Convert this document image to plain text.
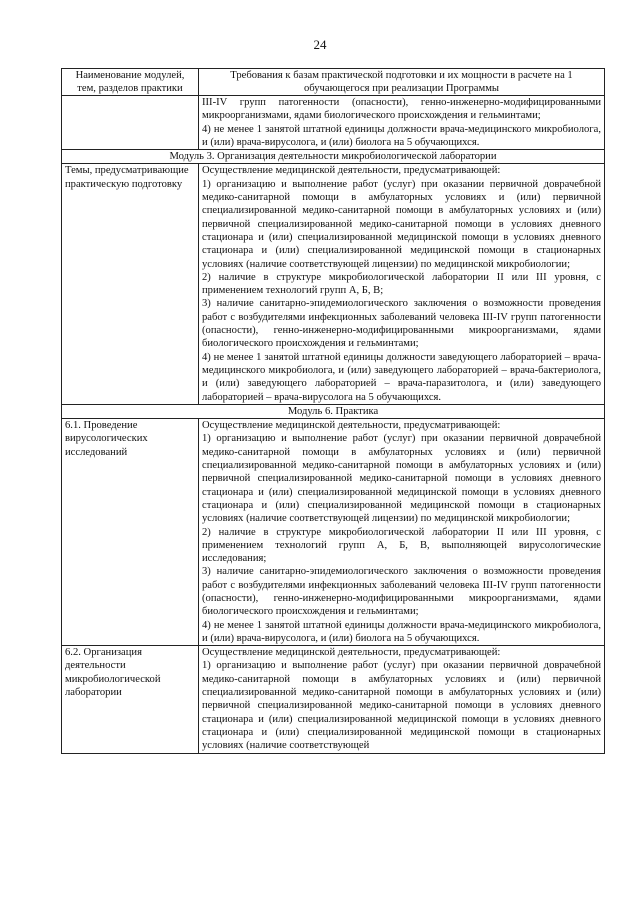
24
Наименование модулей, тем, разделов практики	Требования к базам практической подготовки и их мощности в расчете на 1 обучающегося при реализации Программы

	III-IV групп патогенности (опасности), генно-инженерно-модифицированными микроорганизмами, ядами биологического происхождения и гельминтами;
4) не менее 1 занятой штатной единицы должности врача-медицинского микробиолога, и (или) врача-вирусолога, и (или) биолога на 5 обучающихся.

Модуль 3. Организация деятельности микробиологической лаборатории	
Темы, предусматривающие практическую подготовку	Осуществление медицинской деятельности, предусматривающей:
1) организацию и выполнение работ (услуг) при оказании первичной доврачебной медико-санитарной помощи в амбулаторных условиях и (или) первичной специализированной медико-санитарной помощи в амбулаторных условиях и (или) первичной специализированной медико-санитарной помощи в условиях дневного стационара и (или) специализированной медицинской помощи в условиях дневного стационара и (или) специализированной медицинской помощи в стационарных условиях (наличие соответствующей лицензии) по медицинской микробиологии;
2) наличие в структуре микробиологической лаборатории II или III уровня, с применением технологий групп А, Б, В;
3) наличие санитарно-эпидемиологического заключения о возможности проведения работ с возбудителями инфекционных заболеваний человека III-IV групп патогенности (опасности), генно-инженерно-модифицированными микроорганизмами, ядами биологического происхождения и гельминтами;
4) не менее 1 занятой штатной единицы должности заведующего лабораторией – врача-медицинского микробиолога, и (или) заведующего лабораторией – врача-бактериолога, и (или) заведующего лабораторией – врача-паразитолога, и (или) заведующего лабораторией – врача-вирусолога на 5 обучающихся.

Модуль 6. Практика	
6.1. Проведение вирусологических исследований	Осуществление медицинской деятельности, предусматривающей:
1) организацию и выполнение работ (услуг) при оказании первичной доврачебной медико-санитарной помощи в амбулаторных условиях и (или) первичной специализированной медико-санитарной помощи в амбулаторных условиях и (или) первичной специализированной медико-санитарной помощи в условиях дневного стационара и (или) специализированной медицинской помощи в условиях дневного стационара и (или) специализированной медицинской помощи в стационарных условиях (наличие соответствующей лицензии) по медицинской микробиологии;
2) наличие в структуре микробиологической лаборатории II или III уровня, с применением технологий групп А, Б, В, выполняющей вирусологические исследования;
3) наличие санитарно-эпидемиологического заключения о возможности проведения работ с возбудителями инфекционных заболеваний человека III-IV групп патогенности (опасности), генно-инженерно-модифицированными микроорганизмами, ядами биологического происхождения и гельминтами;
4) не менее 1 занятой штатной единицы должности врача-медицинского микробиолога, и (или) врача-вирусолога, и (или) биолога на 5 обучающихся.

6.2. Организация деятельности микробиологической лаборатории	Осуществление медицинской деятельности, предусматривающей:
1) организацию и выполнение работ (услуг) при оказании первичной доврачебной медико-санитарной помощи в амбулаторных условиях и (или) первичной специализированной медико-санитарной помощи в амбулаторных условиях и (или) первичной специализированной медико-санитарной помощи в условиях дневного стационара и (или) специализированной медицинской помощи в условиях дневного стационара и (или) специализированной медицинской помощи в стационарных условиях (наличие соответствующей
